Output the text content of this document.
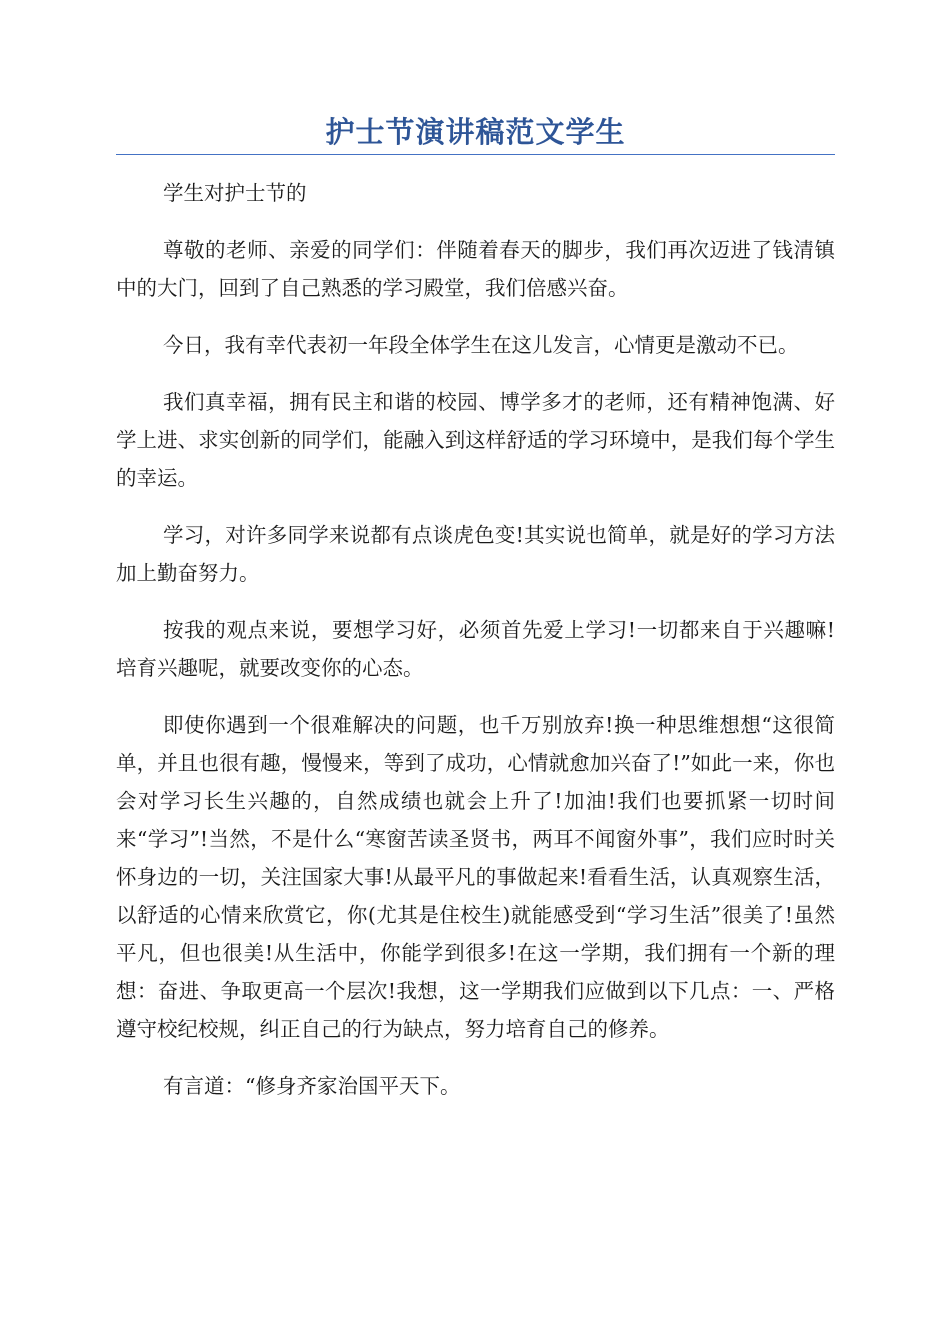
护士节演讲稿范文学生

学生对护士节的

尊敬的老师、亲爱的同学们：伴随着春天的脚步，我们再次迈进了钱清镇中的大门，回到了自己熟悉的学习殿堂，我们倍感兴奋。

今日，我有幸代表初一年段全体学生在这儿发言，心情更是激动不已。

我们真幸福，拥有民主和谐的校园、博学多才的老师，还有精神饱满、好学上进、求实创新的同学们，能融入到这样舒适的学习环境中，是我们每个学生的幸运。

学习，对许多同学来说都有点谈虎色变!其实说也简单，就是好的学习方法加上勤奋努力。

按我的观点来说，要想学习好，必须首先爱上学习!一切都来自于兴趣嘛!培育兴趣呢，就要改变你的心态。

即使你遇到一个很难解决的问题，也千万别放弃!换一种思维想想“这很简单，并且也很有趣，慢慢来，等到了成功，心情就愈加兴奋了!”如此一来，你也会对学习长生兴趣的，自然成绩也就会上升了!加油!我们也要抓紧一切时间来“学习”!当然，不是什么“寒窗苦读圣贤书，两耳不闻窗外事”，我们应时时关怀身边的一切，关注国家大事!从最平凡的事做起来!看看生活，认真观察生活，以舒适的心情来欣赏它，你(尤其是住校生)就能感受到“学习生活”很美了!虽然平凡，但也很美!从生活中，你能学到很多!在这一学期，我们拥有一个新的理想：奋进、争取更高一个层次!我想，这一学期我们应做到以下几点：一、严格遵守校纪校规，纠正自己的行为缺点，努力培育自己的修养。

有言道：“修身齐家治国平天下。
